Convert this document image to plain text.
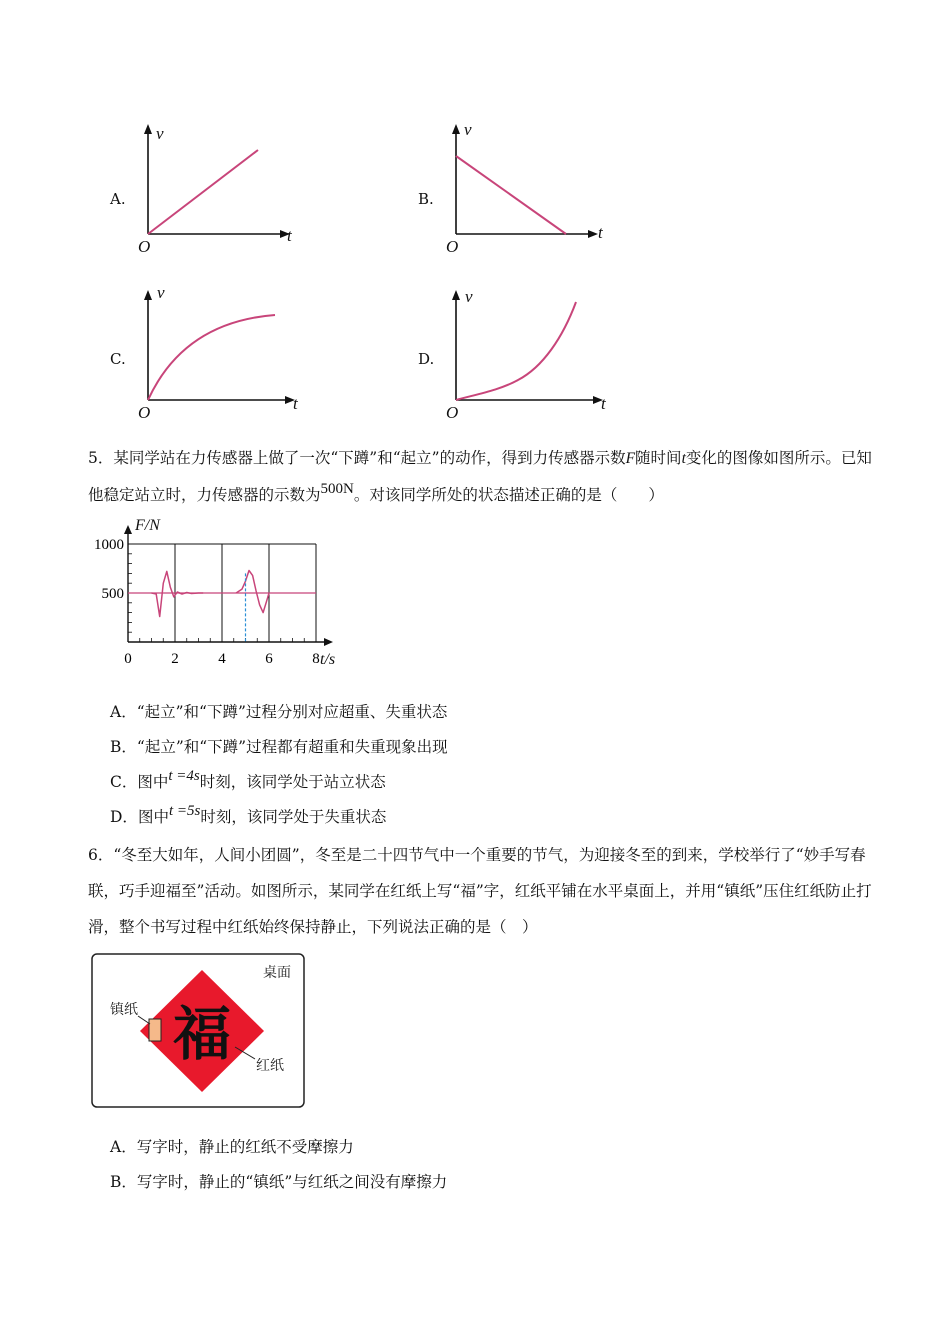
A.
v
t
O
B.
v
t
O
C.
v
t
O
D.
v
t
O
5．某同学站在力传感器上做了一次“下蹲”和“起立”的动作，得到力传感器示数F随时间t变化的图像如图所示。已知他稳定站立时，力传感器的示数为500N。对该同学所处的状态描述正确的是（　　）
0	2	4	6	8
500
1000
F/N
t/s
A．“起立”和“下蹲”过程分别对应超重、失重状态
B．“起立”和“下蹲”过程都有超重和失重现象出现
C．图中t =4s时刻，该同学处于站立状态
D．图中t =5s时刻，该同学处于失重状态
6．“冬至大如年，人间小团圆”，冬至是二十四节气中一个重要的节气，为迎接冬至的到来，学校举行了“妙手写春联，巧手迎福至”活动。如图所示，某同学在红纸上写“福”字，红纸平铺在水平桌面上，并用“镇纸”压住红纸防止打滑，整个书写过程中红纸始终保持静止，下列说法正确的是（　）
桌面
福
镇纸
红纸
A．写字时，静止的红纸不受摩擦力
B．写字时，静止的“镇纸”与红纸之间没有摩擦力
